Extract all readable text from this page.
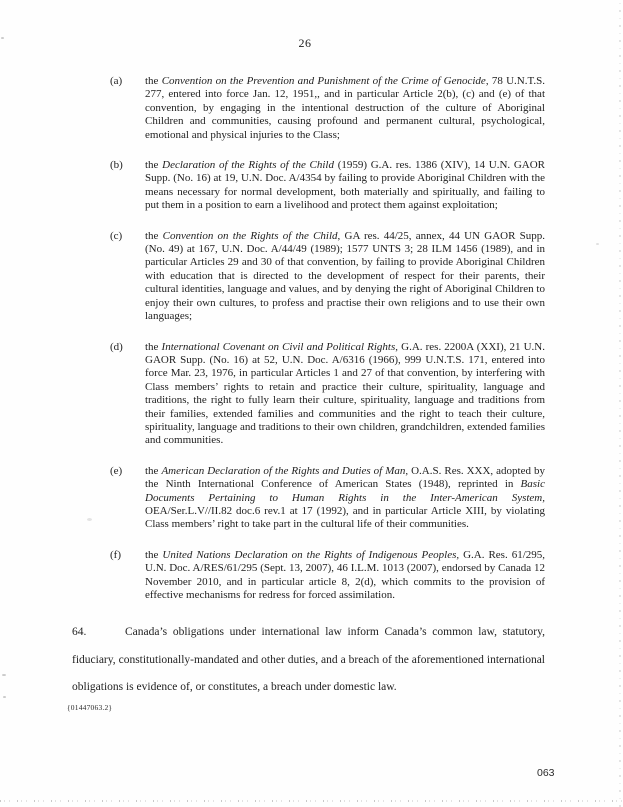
26
(a) the Convention on the Prevention and Punishment of the Crime of Genocide, 78 U.N.T.S. 277, entered into force Jan. 12, 1951,, and in particular Article 2(b), (c) and (e) of that convention, by engaging in the intentional destruction of the culture of Aboriginal Children and communities, causing profound and permanent cultural, psychological, emotional and physical injuries to the Class;
(b) the Declaration of the Rights of the Child (1959) G.A. res. 1386 (XIV), 14 U.N. GAOR Supp. (No. 16) at 19, U.N. Doc. A/4354 by failing to provide Aboriginal Children with the means necessary for normal development, both materially and spiritually, and failing to put them in a position to earn a livelihood and protect them against exploitation;
(c) the Convention on the Rights of the Child, GA res. 44/25, annex, 44 UN GAOR Supp. (No. 49) at 167, U.N. Doc. A/44/49 (1989); 1577 UNTS 3; 28 ILM 1456 (1989), and in particular Articles 29 and 30 of that convention, by failing to provide Aboriginal Children with education that is directed to the development of respect for their parents, their cultural identities, language and values, and by denying the right of Aboriginal Children to enjoy their own cultures, to profess and practise their own religions and to use their own languages;
(d) the International Covenant on Civil and Political Rights, G.A. res. 2200A (XXI), 21 U.N. GAOR Supp. (No. 16) at 52, U.N. Doc. A/6316 (1966), 999 U.N.T.S. 171, entered into force Mar. 23, 1976, in particular Articles 1 and 27 of that convention, by interfering with Class members’ rights to retain and practice their culture, spirituality, language and traditions, the right to fully learn their culture, spirituality, language and traditions from their families, extended families and communities and the right to teach their culture, spirituality, language and traditions to their own children, grandchildren, extended families and communities.
(e) the American Declaration of the Rights and Duties of Man, O.A.S. Res. XXX, adopted by the Ninth International Conference of American States (1948), reprinted in Basic Documents Pertaining to Human Rights in the Inter-American System, OEA/Ser.L.V//II.82 doc.6 rev.1 at 17 (1992), and in particular Article XIII, by violating Class members’ right to take part in the cultural life of their communities.
(f) the United Nations Declaration on the Rights of Indigenous Peoples, G.A. Res. 61/295, U.N. Doc. A/RES/61/295 (Sept. 13, 2007), 46 I.L.M. 1013 (2007), endorsed by Canada 12 November 2010, and in particular article 8, 2(d), which commits to the provision of effective mechanisms for redress for forced assimilation.
64.	Canada’s obligations under international law inform Canada’s common law, statutory, fiduciary, constitutionally-mandated and other duties, and a breach of the aforementioned international obligations is evidence of, or constitutes, a breach under domestic law.
{01447063.2}
063
